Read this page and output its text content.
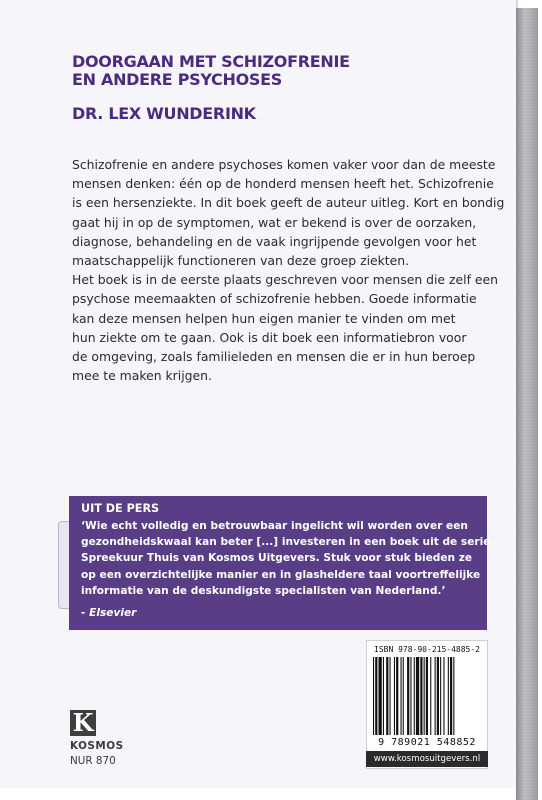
DOORGAAN MET SCHIZOFRENIE
EN ANDERE PSYCHOSES
DR. LEX WUNDERINK
Schizofrenie en andere psychoses komen vaker voor dan de meeste
mensen denken: één op de honderd mensen heeft het. Schizofrenie
is een hersenziekte. In dit boek geeft de auteur uitleg. Kort en bondig
gaat hij in op de symptomen, wat er bekend is over de oorzaken,
diagnose, behandeling en de vaak ingrijpende gevolgen voor het
maatschappelijk functioneren van deze groep ziekten.
Het boek is in de eerste plaats geschreven voor mensen die zelf een
psychose meemaakten of schizofrenie hebben. Goede informatie
kan deze mensen helpen hun eigen manier te vinden om met
hun ziekte om te gaan. Ook is dit boek een informatiebron voor
de omgeving, zoals familieleden en mensen die er in hun beroep
mee te maken krijgen.
UIT DE PERS
‘Wie echt volledig en betrouwbaar ingelicht wil worden over een
gezondheidskwaal kan beter [...] investeren in een boek uit de serie
Spreekuur Thuis van Kosmos Uitgevers. Stuk voor stuk bieden ze
op een overzichtelijke manier en in glasheldere taal voortreffelijke
informatie van de deskundigste specialisten van Nederland.’
- Elsevier
ISBN 978-90-215-4885-2
9 789021 548852
www.kosmosuitgevers.nl
K
KOSMOS
NUR 870
